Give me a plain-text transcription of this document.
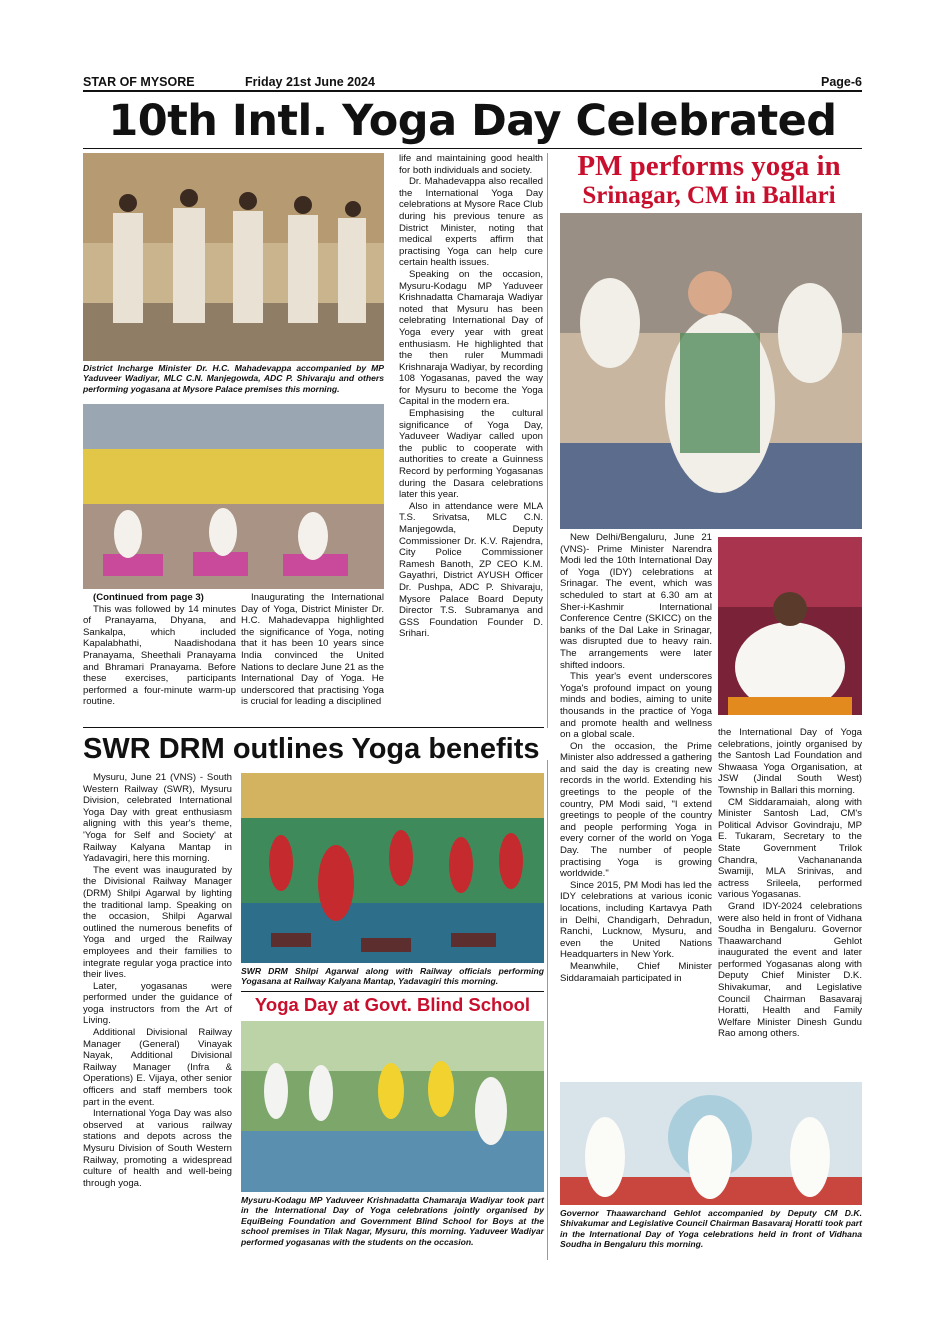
STAR OF MYSORE	Friday 21st June 2024	Page-6
10th Intl. Yoga Day Celebrated
District Incharge Minister Dr. H.C. Mahadevappa accompanied by MP Yaduveer Wadiyar, MLC C.N. Manjegowda, ADC P. Shivaraju and others performing yogasana at Mysore Palace premises this morning.

(Continued from page 3)

This was followed by 14 minutes of Pranayama, Dhyana, and Sankalpa, which included Kapalabhathi, Naadishodana Pranayama, Sheethali Pranayama and Bhramari Pranayama. Before these exercises, participants performed a four-minute warm-up routine.

Inaugurating the International Day of Yoga, District Minister Dr. H.C. Mahadevappa highlighted the significance of Yoga, noting that it has been 10 years since India convinced the United Nations to declare June 21 as the International Day of Yoga. He underscored that practising Yoga is crucial for leading a disciplined

life and maintaining good health for both individuals and society.

Dr. Mahadevappa also recalled the International Yoga Day celebrations at Mysore Race Club during his previous tenure as District Minister, noting that medical experts affirm that practising Yoga can help cure certain health issues.

Speaking on the occasion, Mysuru-Kodagu MP Yaduveer Krishnadatta Chamaraja Wadiyar noted that Mysuru has been celebrating International Day of Yoga every year with great enthusiasm. He highlighted that the then ruler Mummadi Krishnaraja Wadiyar, by recording 108 Yogasanas, paved the way for Mysuru to become the Yoga Capital in the modern era.

Emphasising the cultural significance of Yoga Day, Yaduveer Wadiyar called upon the public to cooperate with authorities to create a Guinness Record by performing Yogasanas during the Dasara celebrations later this year.

Also in attendance were MLA T.S. Srivatsa, MLC C.N. Manjegowda, Deputy Commissioner Dr. K.V. Rajendra, City Police Commissioner Ramesh Banoth, ZP CEO K.M. Gayathri, District AYUSH Officer Dr. Pushpa, ADC P. Shivaraju, Mysore Palace Board Deputy Director T.S. Subramanya and GSS Foundation Founder D. Srihari.

PM performs yoga in
Srinagar, CM in Ballari

New Delhi/Bengaluru, June 21 (VNS)- Prime Minister Narendra Modi led the 10th International Day of Yoga (IDY) celebrations at Srinagar. The event, which was scheduled to start at 6.30 am at Sher-i-Kashmir International Conference Centre (SKICC) on the banks of the Dal Lake in Srinagar, was disrupted due to heavy rain. The arrangements were later shifted indoors.

This year's event underscores Yoga's profound impact on young minds and bodies, aiming to unite thousands in the practice of Yoga and promote health and wellness on a global scale.

On the occasion, the Prime Minister also addressed a gathering and said the day is creating new records in the world. Extending his greetings to the people of the country, PM Modi said, "I extend greetings to people of the country and people performing Yoga in every corner of the world on Yoga Day. The number of people practising Yoga is growing worldwide."

Since 2015, PM Modi has led the IDY celebrations at various iconic locations, including Kartavya Path in Delhi, Chandigarh, Dehradun, Ranchi, Lucknow, Mysuru, and even the United Nations Headquarters in New York.

Meanwhile, Chief Minister Siddaramaiah participated in

the International Day of Yoga celebrations, jointly organised by the Santosh Lad Foundation and Shwaasa Yoga Organisation, at JSW (Jindal South West) Township in Ballari this morning.

CM Siddaramaiah, along with Minister Santosh Lad, CM's Political Advisor Govindraju, MP E. Tukaram, Secretary to the State Government Trilok Chandra, Vachanananda Swamiji, MLA Srinivas, and actress Srileela, performed various Yogasanas.

Grand IDY-2024 celebrations were also held in front of Vidhana Soudha in Bengaluru. Governor Thaawarchand Gehlot inaugurated the event and later performed Yogasanas along with Deputy Chief Minister D.K. Shivakumar, and Legislative Council Chairman Basavaraj Horatti, Health and Family Welfare Minister Dinesh Gundu Rao among others.

Governor Thaawarchand Gehlot accompanied by Deputy CM D.K. Shivakumar and Legislative Council Chairman Basavaraj Horatti took part in the International Day of Yoga celebrations held in front of Vidhana Soudha in Bengaluru this morning.
SWR DRM outlines Yoga benefits

Mysuru, June 21 (VNS) - South Western Railway (SWR), Mysuru Division, celebrated International Yoga Day with great enthusiasm aligning with this year's theme, 'Yoga for Self and Society' at Railway Kalyana Mantap in Yadavagiri, here this morning.

The event was inaugurated by the Divisional Railway Manager (DRM) Shilpi Agarwal by lighting the traditional lamp. Speaking on the occasion, Shilpi Agarwal outlined the numerous benefits of Yoga and urged the Railway employees and their families to integrate regular yoga practice into their lives.

Later, yogasanas were performed under the guidance of yoga instructors from the Art of Living.

Additional Divisional Railway Manager (General) Vinayak Nayak, Additional Divisional Railway Manager (Infra & Operations) E. Vijaya, other senior officers and staff members took part in the event.

International Yoga Day was also observed at various railway stations and depots across the Mysuru Division of South Western Railway, promoting a widespread culture of health and well-being through yoga.

SWR DRM Shilpi Agarwal along with Railway officials performing Yogasana at Railway Kalyana Mantap, Yadavagiri this morning.
Yoga Day at Govt. Blind School
Mysuru-Kodagu MP Yaduveer Krishnadatta Chamaraja Wadiyar took part in the International Day of Yoga celebrations jointly organised by EquiBeing Foundation and Government Blind School for Boys at the school premises in Tilak Nagar, Mysuru, this morning. Yaduveer Wadiyar performed yogasanas with the students on the occasion.
